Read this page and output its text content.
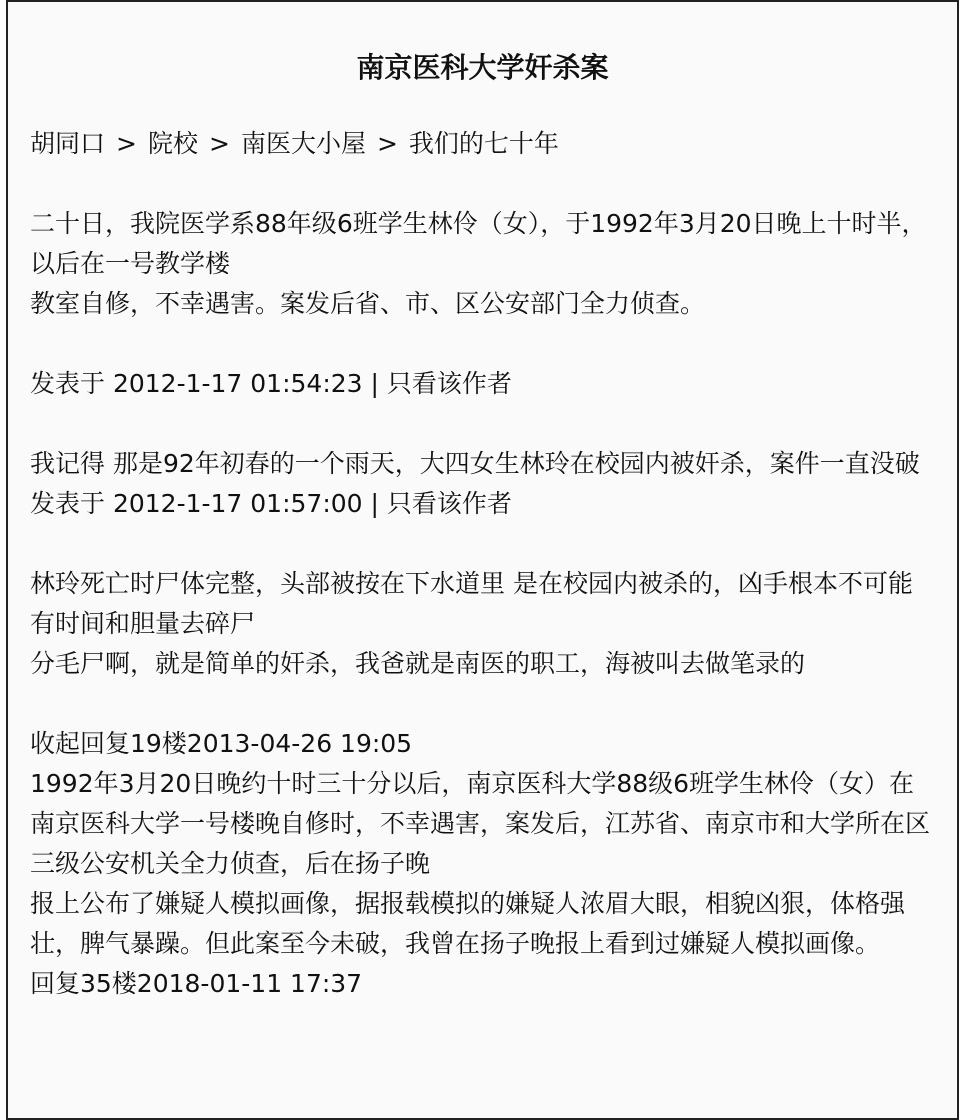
南京医科大学奸杀案
胡同口 > 院校 > 南医大小屋 > 我们的七十年
二十日，我院医学系88年级6班学生林伶（女），于1992年3月20日晚上十时半，以后在一号教学楼
教室自修，不幸遇害。案发后省、市、区公安部门全力侦查。
发表于 2012-1-17 01:54:23 | 只看该作者
我记得 那是92年初春的一个雨天，大四女生林玲在校园内被奸杀，案件一直没破
发表于 2012-1-17 01:57:00 | 只看该作者
林玲死亡时尸体完整，头部被按在下水道里 是在校园内被杀的，凶手根本不可能有时间和胆量去碎尸
分毛尸啊，就是简单的奸杀，我爸就是南医的职工，海被叫去做笔录的
收起回复19楼2013-04-26 19:05
1992年3月20日晚约十时三十分以后，南京医科大学88级6班学生林伶（女）在南京医科大学一号楼晚自修时，不幸遇害，案发后，江苏省、南京市和大学所在区三级公安机关全力侦查，后在扬子晚
报上公布了嫌疑人模拟画像，据报载模拟的嫌疑人浓眉大眼，相貌凶狠，体格强壮，脾气暴躁。但此案至今未破，我曾在扬子晚报上看到过嫌疑人模拟画像。
回复35楼2018-01-11 17:37
